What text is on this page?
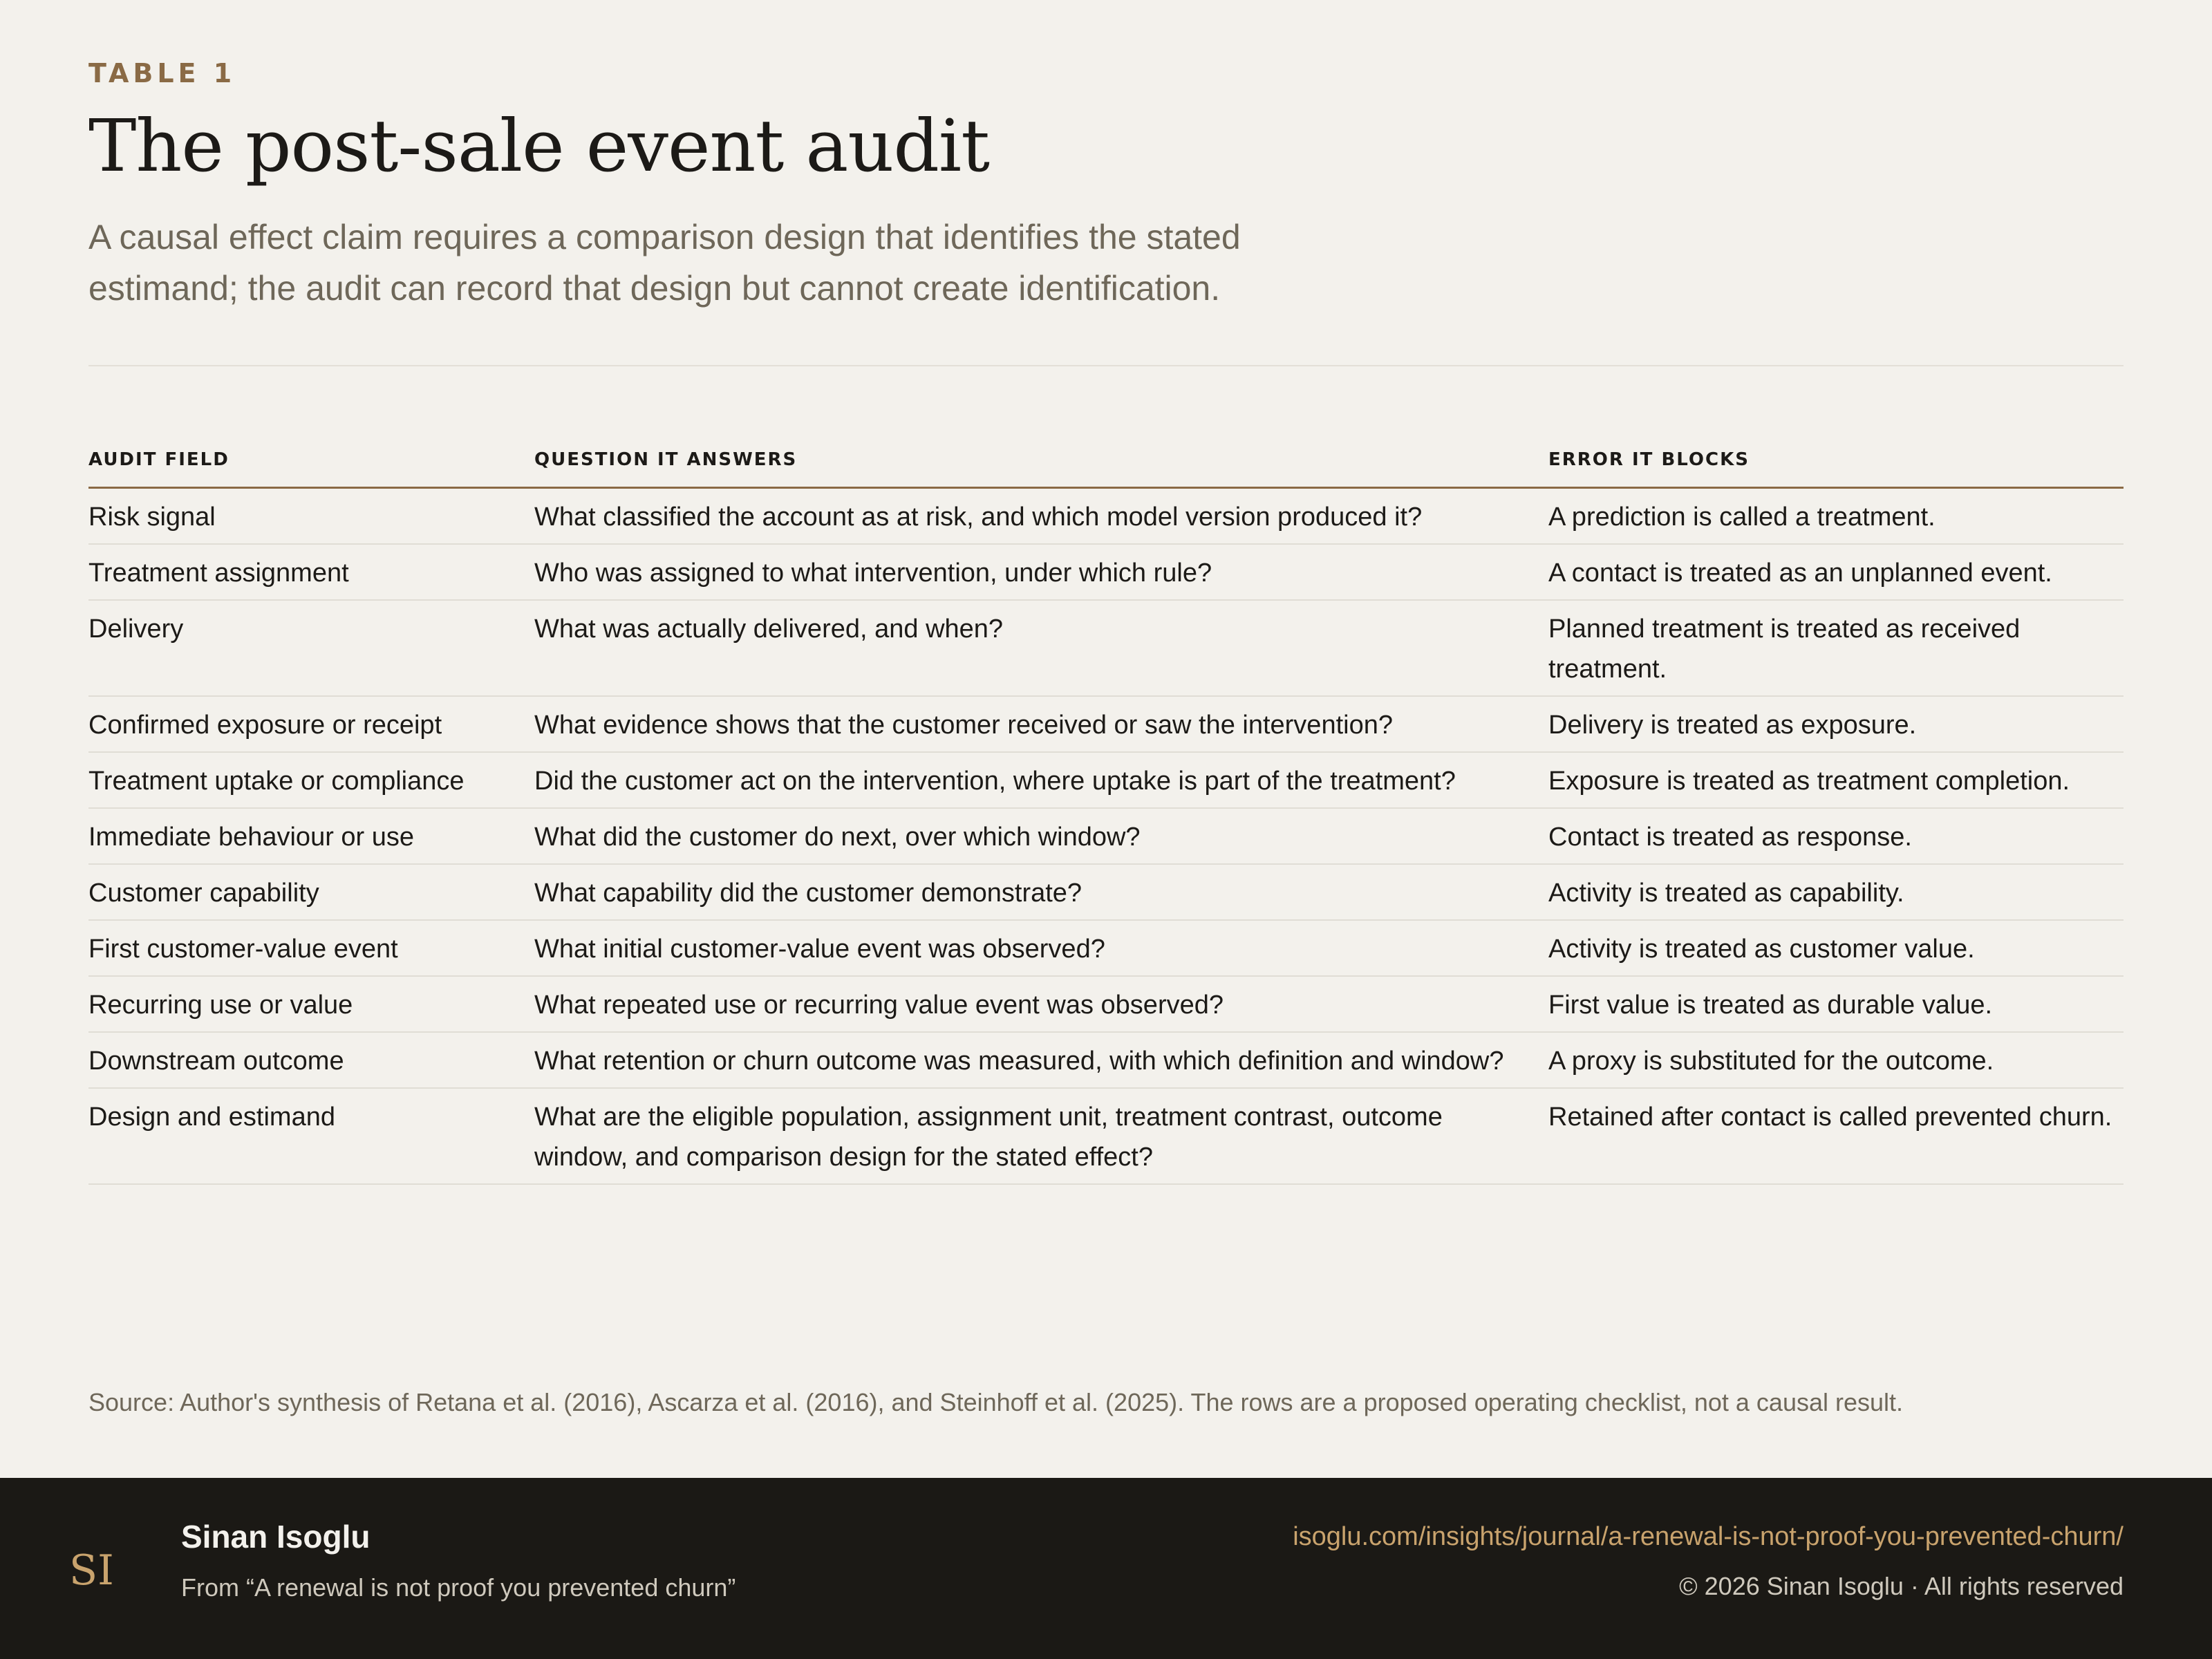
TABLE 1
The post-sale event audit

A causal effect claim requires a comparison design that identifies the stated estimand; the audit can record that design but cannot create identification.

AUDIT FIELD	QUESTION IT ANSWERS	ERROR IT BLOCKS
Risk signal	What classified the account as at risk, and which model version produced it?	A prediction is called a treatment.
Treatment assignment	Who was assigned to what intervention, under which rule?	A contact is treated as an unplanned event.
Delivery	What was actually delivered, and when?	Planned treatment is treated as received treatment.
Confirmed exposure or receipt	What evidence shows that the customer received or saw the intervention?	Delivery is treated as exposure.
Treatment uptake or compliance	Did the customer act on the intervention, where uptake is part of the treatment?	Exposure is treated as treatment completion.
Immediate behaviour or use	What did the customer do next, over which window?	Contact is treated as response.
Customer capability	What capability did the customer demonstrate?	Activity is treated as capability.
First customer-value event	What initial customer-value event was observed?	Activity is treated as customer value.
Recurring use or value	What repeated use or recurring value event was observed?	First value is treated as durable value.
Downstream outcome	What retention or churn outcome was measured, with which definition and window?	A proxy is substituted for the outcome.
Design and estimand	What are the eligible population, assignment unit, treatment contrast, outcome window, and comparison design for the stated effect?	Retained after contact is called prevented churn.
Source: Author's synthesis of Retana et al. (2016), Ascarza et al. (2016), and Steinhoff et al. (2025). The rows are a proposed operating checklist, not a causal result.
SI
Sinan Isoglu
From “A renewal is not proof you prevented churn”
isoglu.com/insights/journal/a-renewal-is-not-proof-you-prevented-churn/
© 2026 Sinan Isoglu · All rights reserved
